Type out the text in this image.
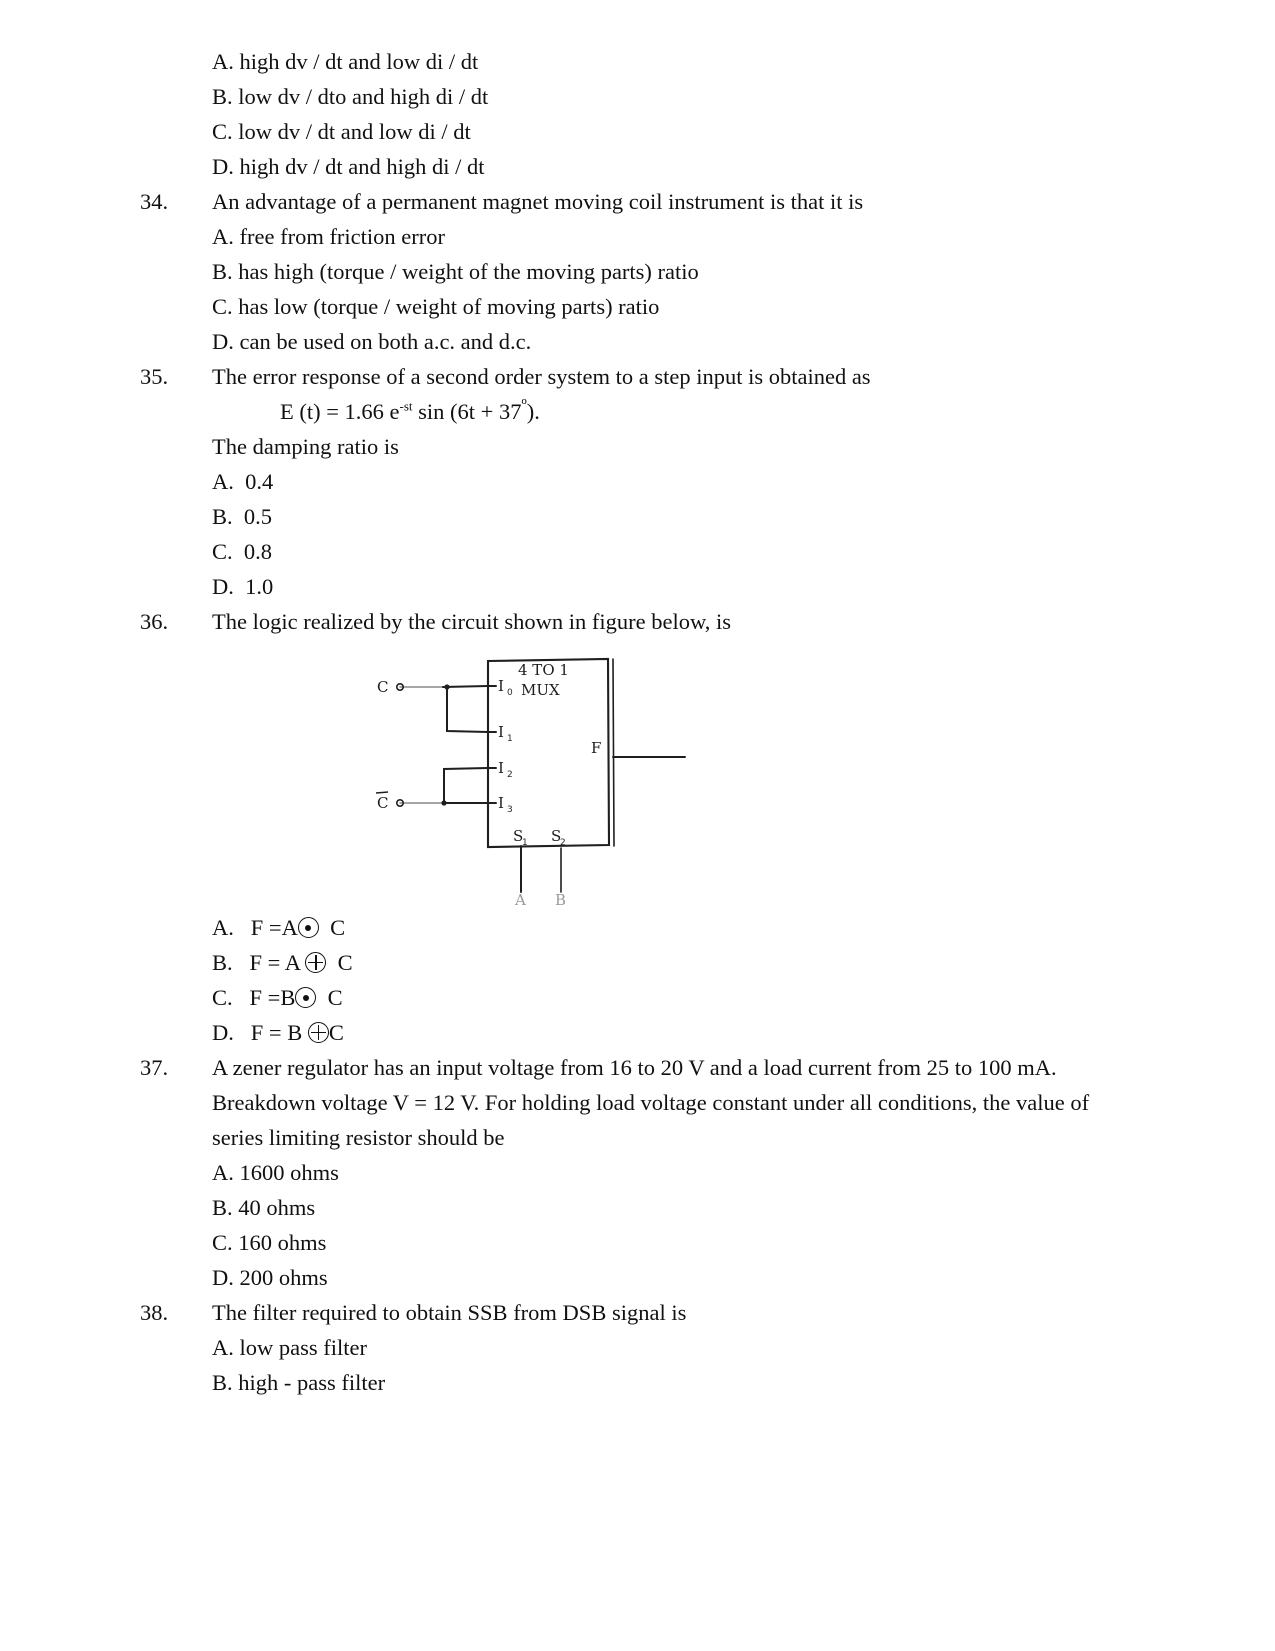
A. high dv / dt and low di / dt
B. low dv / dto and high di / dt
C. low dv / dt and low di / dt
D. high dv / dt and high di / dt
34.	An advantage of a permanent magnet moving coil instrument is that it is
A. free from friction error
B. has high (torque / weight of the moving parts) ratio
C. has low (torque / weight of moving parts) ratio
D. can be used on both a.c. and d.c.
35.	The error response of a second order system to a step input is obtained as
E (t) = 1.66 $e^{-st}$ $\sin (6t + 37^º)$.
The damping ratio is
A.  0.4
B.  0.5
C.  0.8
D.  1.0
36.	The logic realized by the circuit shown in figure below, is
C
C
4 TO 1
MUX
I 0
I 1
I 2
I 3
F
S
1 S
2
A B
A. F =A C
B. F = A C
C. F =B C
D. F = B C
37.	A zener regulator has an input voltage from 16 to 20 V and a load current from 25 to 100 mA. Breakdown voltage V = 12 V. For holding load voltage constant under all conditions, the value of series limiting resistor should be
A. 1600 ohms
B. 40 ohms
C. 160 ohms
D. 200 ohms
38.	The filter required to obtain SSB from DSB signal is
A. low pass filter
B. high - pass filter
